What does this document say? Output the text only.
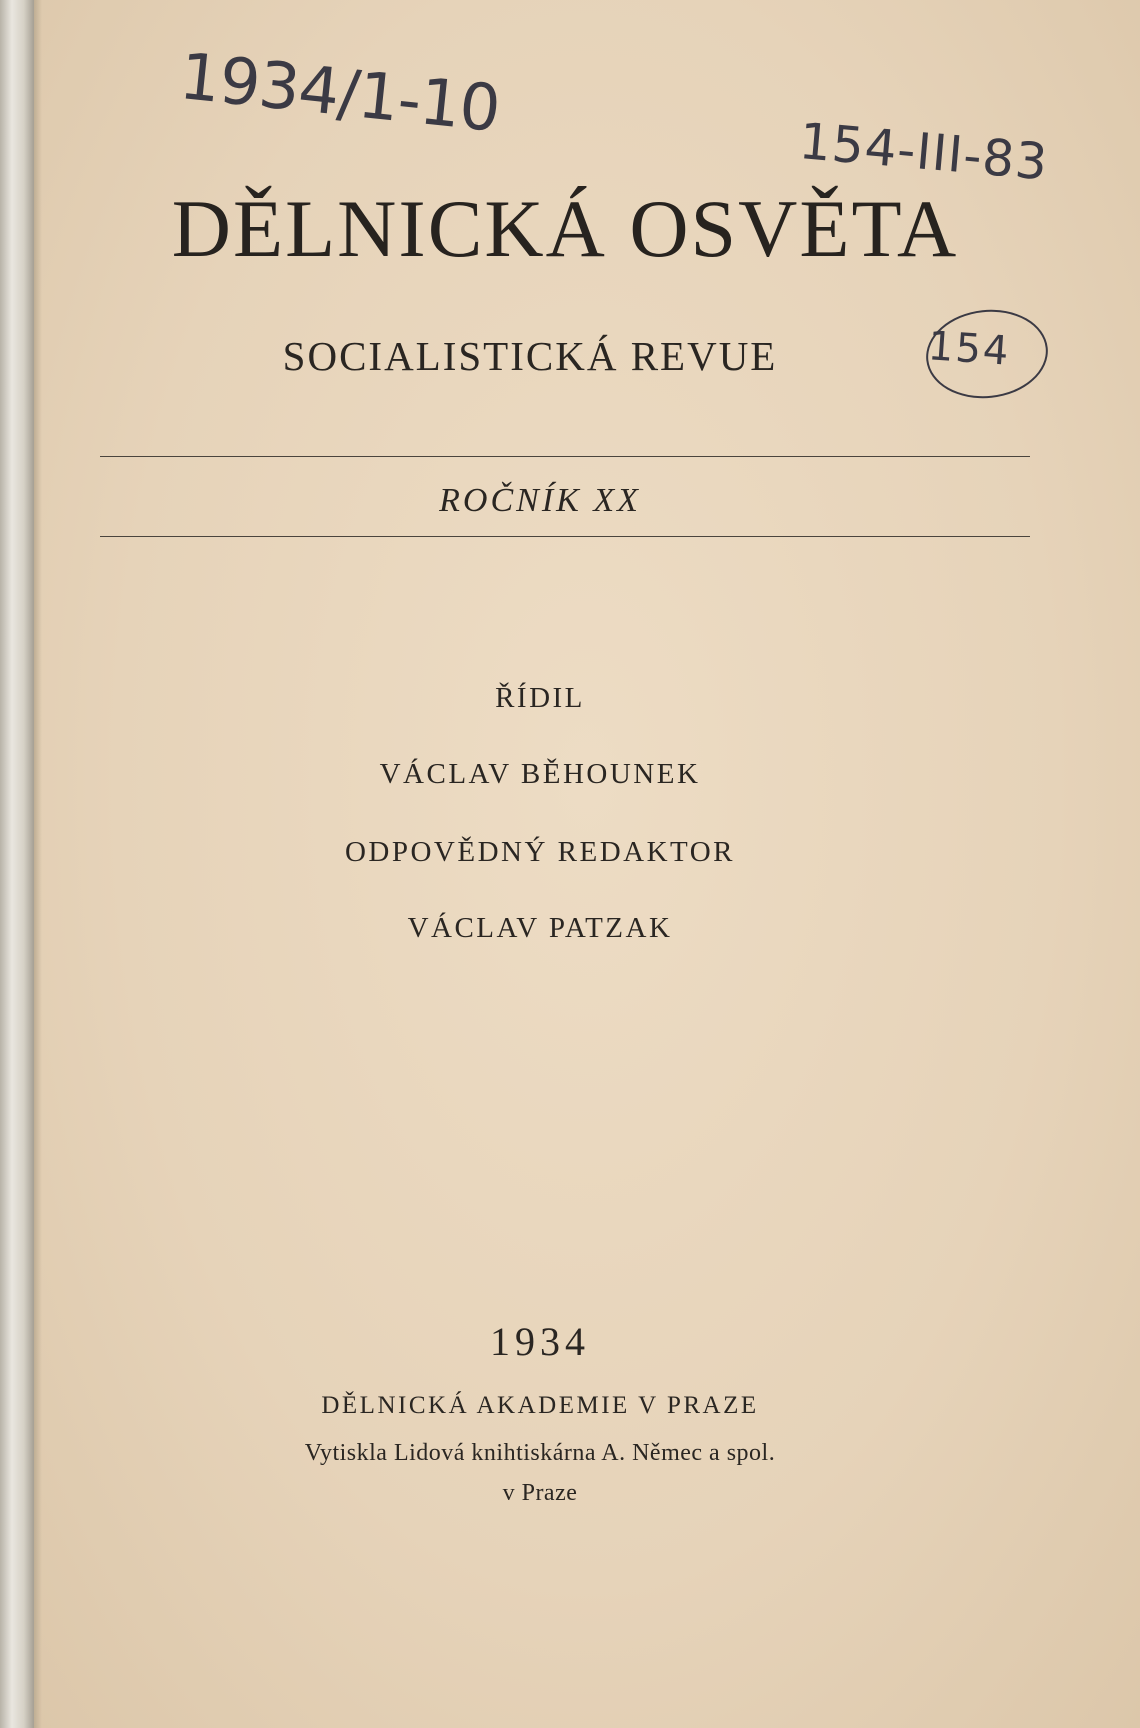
1934/1-10
154-III-83
154
DĚLNICKÁ OSVĚTA
SOCIALISTICKÁ REVUE
ROČNÍK XX
ŘÍDIL
VÁCLAV BĚHOUNEK
ODPOVĚDNÝ REDAKTOR
VÁCLAV PATZAK
1934
DĚLNICKÁ AKADEMIE V PRAZE
Vytiskla Lidová knihtiskárna A. Němec a spol.
v Praze
